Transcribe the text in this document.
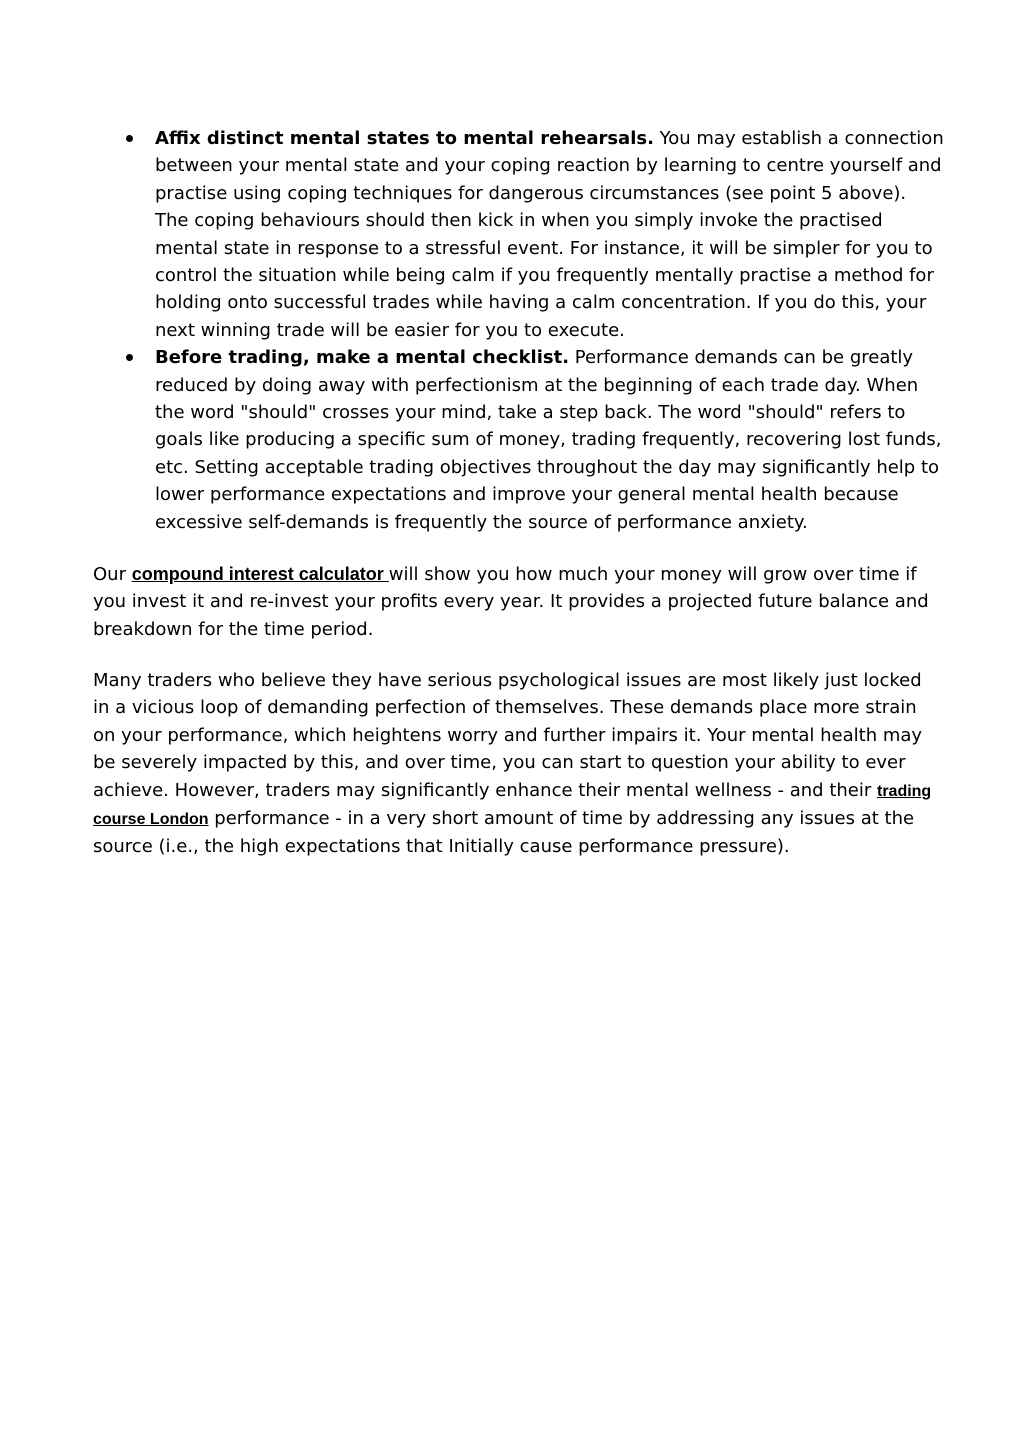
Affix distinct mental states to mental rehearsals. You may establish a connection between your mental state and your coping reaction by learning to centre yourself and practise using coping techniques for dangerous circumstances (see point 5 above). The coping behaviours should then kick in when you simply invoke the practised mental state in response to a stressful event. For instance, it will be simpler for you to control the situation while being calm if you frequently mentally practise a method for holding onto successful trades while having a calm concentration. If you do this, your next winning trade will be easier for you to execute.
Before trading, make a mental checklist. Performance demands can be greatly reduced by doing away with perfectionism at the beginning of each trade day. When the word "should" crosses your mind, take a step back. The word "should" refers to goals like producing a specific sum of money, trading frequently, recovering lost funds, etc. Setting acceptable trading objectives throughout the day may significantly help to lower performance expectations and improve your general mental health because excessive self-demands is frequently the source of performance anxiety.

Our compound interest calculator will show you how much your money will grow over time if you invest it and re-invest your profits every year. It provides a projected future balance and breakdown for the time period.

Many traders who believe they have serious psychological issues are most likely just locked in a vicious loop of demanding perfection of themselves. These demands place more strain on your performance, which heightens worry and further impairs it. Your mental health may be severely impacted by this, and over time, you can start to question your ability to ever achieve. However, traders may significantly enhance their mental wellness - and their trading course London performance - in a very short amount of time by addressing any issues at the source (i.e., the high expectations that Initially cause performance pressure).
